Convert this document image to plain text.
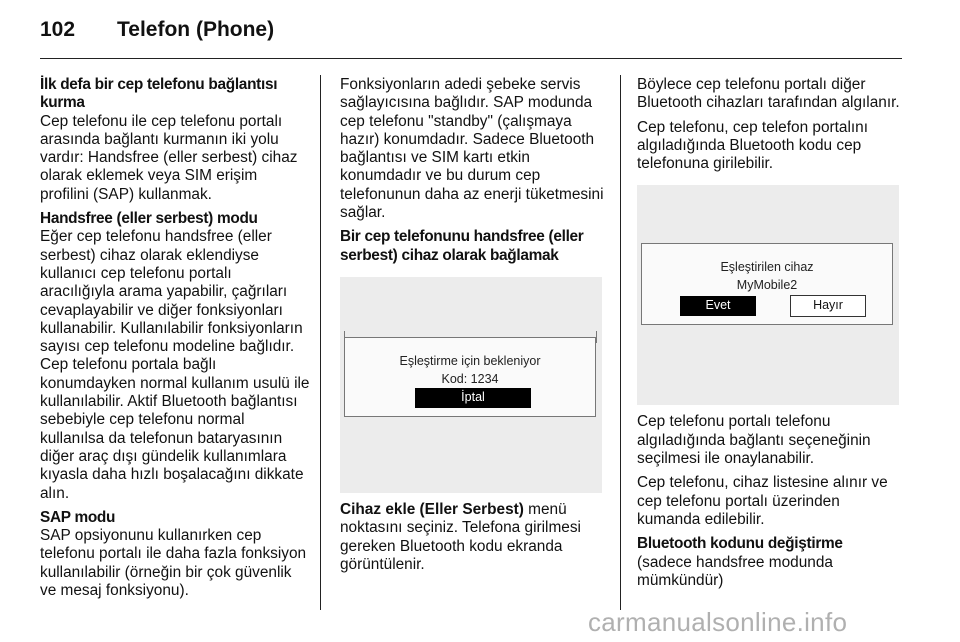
102 Telefon (Phone)
İlk defa bir cep telefonu bağlantısı kurma
Cep telefonu ile cep telefonu portalı arasında bağlantı kurmanın iki yolu vardır: Handsfree (eller serbest) cihaz olarak eklemek veya SIM erişim profilini (SAP) kullanmak.
Handsfree (eller serbest) modu
Eğer cep telefonu handsfree (eller serbest) cihaz olarak eklendiyse kullanıcı cep telefonu portalı aracılığıyla arama yapabilir, çağrıları cevaplayabilir ve diğer fonksiyonları kullanabilir. Kullanılabilir fonksiyonların sayısı cep telefonu modeline bağlıdır. Cep telefonu portala bağlı konumdayken normal kullanım usulü ile kullanılabilir. Aktif Bluetooth bağlantısı sebebiyle cep telefonu normal kullanılsa da telefonun bataryasının diğer araç dışı gündelik kullanımlara kıyasla daha hızlı boşalacağını dikkate alın.
SAP modu
SAP opsiyonunu kullanırken cep telefonu portalı ile daha fazla fonksiyon kullanılabilir (örneğin bir çok güvenlik ve mesaj fonksiyonu).
Fonksiyonların adedi şebeke servis sağlayıcısına bağlıdır. SAP modunda cep telefonu "standby" (çalışmaya hazır) konumdadır. Sadece Bluetooth bağlantısı ve SIM kartı etkin konumdadır ve bu durum cep telefonunun daha az enerji tüketmesini sağlar.
Bir cep telefonunu handsfree (eller serbest) cihaz olarak bağlamak
Eşleştirme için bekleniyor
Kod: 1234
İptal
Cihaz ekle (Eller Serbest) menü noktasını seçiniz. Telefona girilmesi gereken Bluetooth kodu ekranda görüntülenir.
Böylece cep telefonu portalı diğer Bluetooth cihazları tarafından algılanır.
Cep telefonu, cep telefon portalını algıladığında Bluetooth kodu cep telefonuna girilebilir.
Eşleştirilen cihaz
MyMobile2
Evet	Hayır
Cep telefonu portalı telefonu algıladığında bağlantı seçeneğinin seçilmesi ile onaylanabilir.
Cep telefonu, cihaz listesine alınır ve cep telefonu portalı üzerinden kumanda edilebilir.
Bluetooth kodunu değiştirme
(sadece handsfree modunda mümkündür)
carmanualsonline.info
